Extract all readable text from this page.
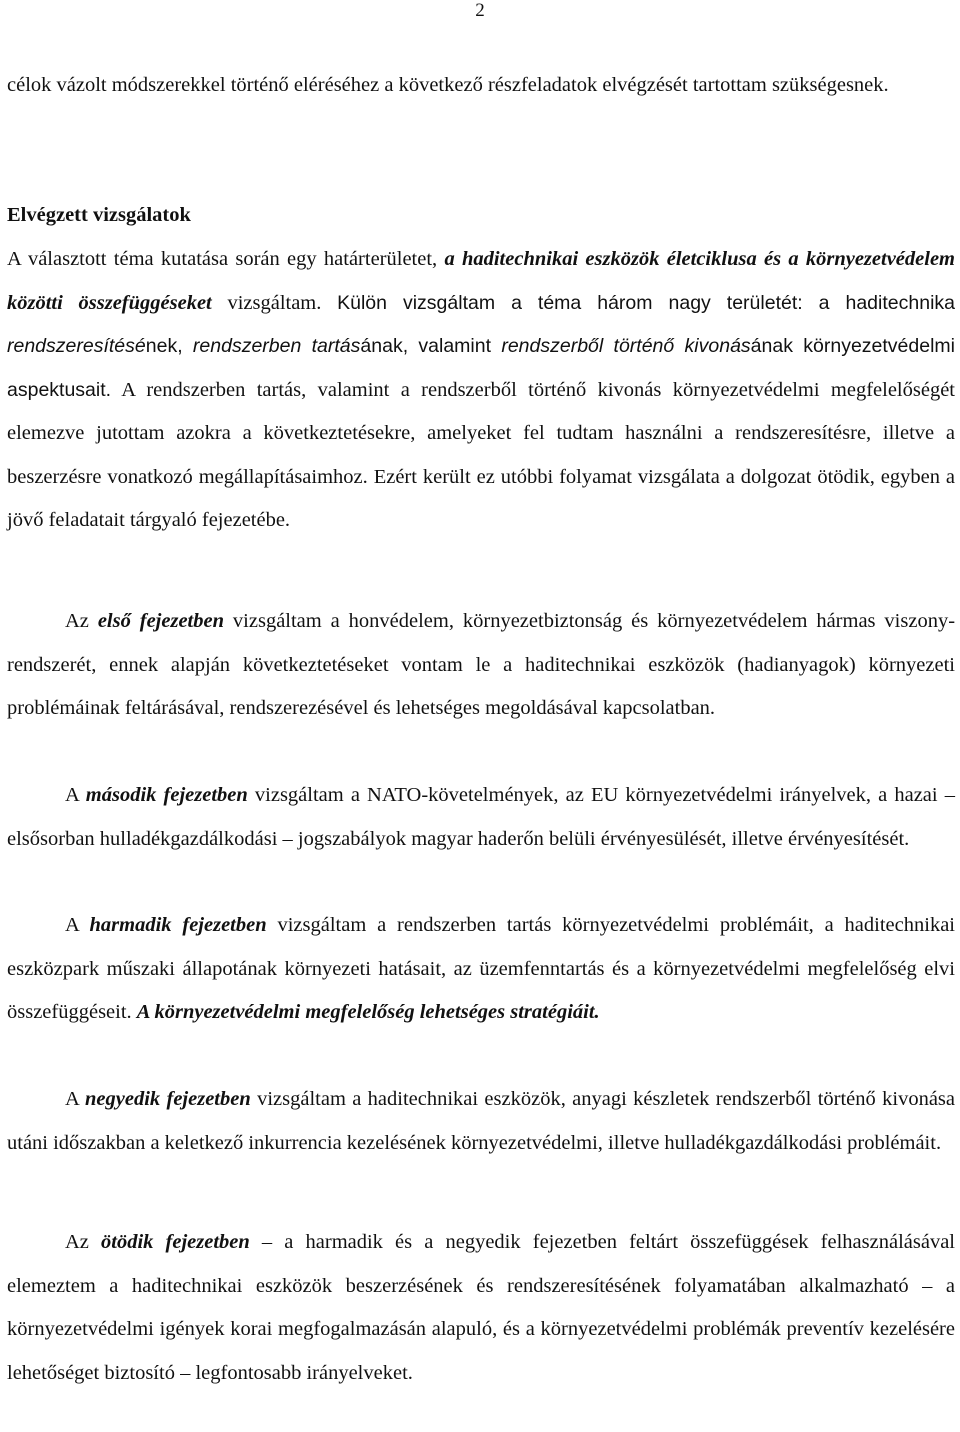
2

célok vázolt módszerekkel történő eléréséhez a következő részfeladatok elvégzését tartottam szükségesnek.

Elvégzett vizsgálatok

A választott téma kutatása során egy határterületet, a haditechnikai eszközök életciklusa és a környezetvédelem közötti összefüggéseket vizsgáltam. Külön vizsgáltam a téma három nagy területét: a haditechnika rendszeresítésének, rendszerben tartásának, valamint rendszerből történő kivonásának környezetvédelmi aspektusait. A rendszerben tartás, valamint a rendszerből történő kivonás környezetvédelmi megfelelőségét elemezve jutottam azokra a következtetésekre, amelyeket fel tudtam használni a rendszeresítésre, illetve a beszerzésre vonatkozó megállapításaimhoz. Ezért került ez utóbbi folyamat vizsgálata a dolgozat ötödik, egyben a jövő feladatait tárgyaló fejezetébe.

Az első fejezetben vizsgáltam a honvédelem, környezetbiztonság és környezetvédelem hármas viszony-rendszerét, ennek alapján következtetéseket vontam le a haditechnikai eszközök (hadianyagok) környezeti problémáinak feltárásával, rendszerezésével és lehetséges megoldásával kapcsolatban.

A második fejezetben vizsgáltam a NATO-követelmények, az EU környezetvédelmi irányelvek, a hazai – elsősorban hulladékgazdálkodási – jogszabályok magyar haderőn belüli érvényesülését, illetve érvényesítését.

A harmadik fejezetben vizsgáltam a rendszerben tartás környezetvédelmi problémáit, a haditechnikai eszközpark műszaki állapotának környezeti hatásait, az üzemfenntartás és a környezetvédelmi megfelelőség elvi összefüggéseit. A környezetvédelmi megfelelőség lehetséges stratégiáit.

A negyedik fejezetben vizsgáltam a haditechnikai eszközök, anyagi készletek rendszerből történő kivonása utáni időszakban a keletkező inkurrencia kezelésének környezetvédelmi, illetve hulladékgazdálkodási problémáit.

Az ötödik fejezetben – a harmadik és a negyedik fejezetben feltárt összefüggések felhasználásával elemeztem a haditechnikai eszközök beszerzésének és rendszeresítésének folyamatában alkalmazható – a környezetvédelmi igények korai megfogalmazásán alapuló, és a környezetvédelmi problémák preventív kezelésére lehetőséget biztosító – legfontosabb irányelveket.
